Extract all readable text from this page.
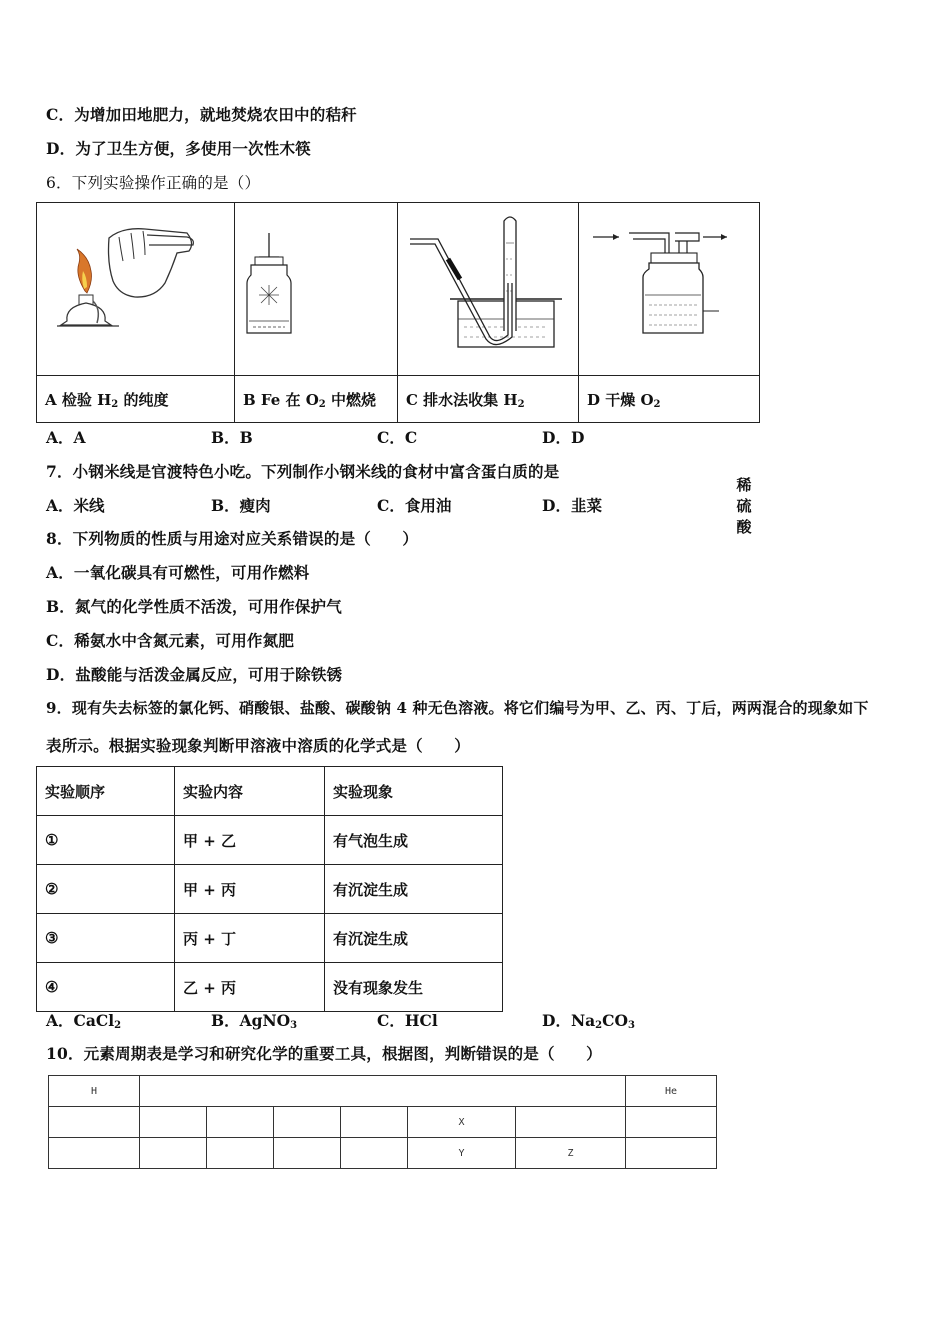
C．为增加田地肥力，就地焚烧农田中的秸秆
D．为了卫生方便，多使用一次性木筷
6．下列实验操作正确的是（）

稀
硫
酸

A 检验 $H_2$ 的纯度	B Fe 在 $O_2$ 中燃烧	C 排水法收集 $H_2$	D 干燥 $O_2$
A．A	B．B	C．C	D．D
7．小钢米线是官渡特色小吃。下列制作小钢米线的食材中富含蛋白质的是
A．米线	B．瘦肉	C．食用油	D．韭菜
8．下列物质的性质与用途对应关系错误的是（　　）
A．一氧化碳具有可燃性，可用作燃料
B．氮气的化学性质不活泼，可用作保护气
C．稀氨水中含氮元素，可用作氮肥
D．盐酸能与活泼金属反应，可用于除铁锈
9．现有失去标签的氯化钙、硝酸银、盐酸、碳酸钠 4 种无色溶液。将它们编号为甲、乙、丙、丁后，两两混合的现象如下
表所示。根据实验现象判断甲溶液中溶质的化学式是（　　）
实验顺序	实验内容	实验现象
①	甲 + 乙	有气泡生成
②	甲 + 丙	有沉淀生成
③	丙 + 丁	有沉淀生成
④	乙 + 丙	没有现象发生
A．CaCl$_2$	B．AgNO$_3$	C．HCl	D．$Na_2CO_3$
10．元素周期表是学习和研究化学的重要工具，根据图，判断错误的是（　　）
H							He
					X		
					Y	Z	
